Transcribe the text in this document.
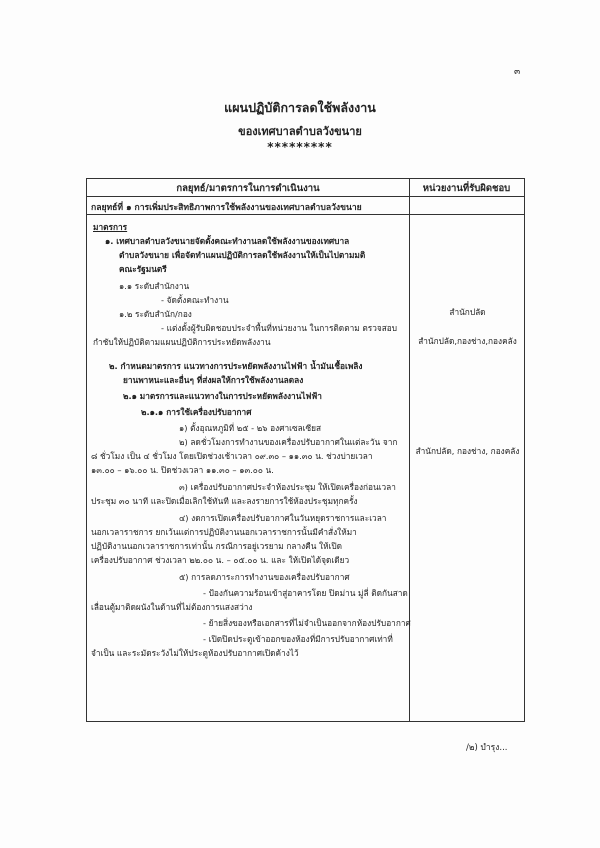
๓
แผนปฏิบัติการลดใช้พลังงาน
ของเทศบาลตำบลวังขนาย
*********
กลยุทธ์/มาตรการในการดำเนินงาน	หน่วยงานที่รับผิดชอบ
กลยุทธ์ที่ ๑ การเพิ่มประสิทธิภาพการใช้พลังงานของเทศบาลตำบลวังขนาย
มาตรการ
๑. เทศบาลตำบลวังขนายจัดตั้งคณะทำงานลดใช้พลังงานของเทศบาล
ตำบลวังขนาย เพื่อจัดทำแผนปฏิบัติการลดใช้พลังงานให้เป็นไปตามมติ
คณะรัฐมนตรี
๑.๑ ระดับสำนักงาน
- จัดตั้งคณะทำงาน
๑.๒ ระดับสำนัก/กอง
- แต่งตั้งผู้รับผิดชอบประจำพื้นที่หน่วยงาน ในการติดตาม ตรวจสอบ
กำชับให้ปฏิบัติตามแผนปฏิบัติการประหยัดพลังงาน
๒. กำหนดมาตรการ แนวทางการประหยัดพลังงานไฟฟ้า น้ำมันเชื้อเพลิง
ยานพาหนะและอื่นๆ ที่ส่งผลให้การใช้พลังงานลดลง
๒.๑ มาตรการและแนวทางในการประหยัดพลังงานไฟฟ้า
๒.๑.๑ การใช้เครื่องปรับอากาศ
๑) ตั้งอุณหภูมิที่ ๒๕ - ๒๖ องศาเซลเซียส
๒) ลดชั่วโมงการทำงานของเครื่องปรับอากาศในแต่ละวัน จาก
๘ ชั่วโมง เป็น ๔ ชั่วโมง โดยเปิดช่วงเช้าเวลา ๐๙.๓๐ – ๑๑.๓๐ น. ช่วงบ่ายเวลา
๑๓.๐๐ – ๑๖.๐๐ น. ปิดช่วงเวลา ๑๑.๓๐ – ๑๓.๐๐ น.
๓) เครื่องปรับอากาศประจำห้องประชุม ให้เปิดเครื่องก่อนเวลา
ประชุม ๓๐ นาที และปิดเมื่อเลิกใช้ทันที และลงรายการใช้ห้องประชุมทุกครั้ง
๔) งดการเปิดเครื่องปรับอากาศในวันหยุดราชการและเวลา
นอกเวลาราชการ ยกเว้นแต่การปฏิบัติงานนอกเวลาราชการนั้นมีคำสั่งให้มา
ปฏิบัติงานนอกเวลาราชการเท่านั้น กรณีการอยู่เวรยาม กลางคืน ให้เปิด
เครื่องปรับอากาศ ช่วงเวลา ๒๒.๐๐ น. – ๐๕.๐๐ น. และ ให้เปิดได้จุดเดียว
๕) การลดภาระการทำงานของเครื่องปรับอากาศ
- ป้องกันความร้อนเข้าสู่อาคารโดย ปิดม่าน มู่ลี่ ติดกันสาด
เลื่อนตู้มาติดผนังในด้านที่ไม่ต้องการแสงสว่าง
- ย้ายสิ่งของหรือเอกสารที่ไม่จำเป็นออกจากห้องปรับอากาศ
- เปิดปิดประตูเข้าออกของห้องที่มีการปรับอากาศเท่าที่
จำเป็น และระมัดระวังไม่ให้ประตูห้องปรับอากาศเปิดค้างไว้
สำนักปลัด
สำนักปลัด,กองช่าง,กองคลัง
สำนักปลัด, กองช่าง, กองคลัง
/๒) บำรุง...
